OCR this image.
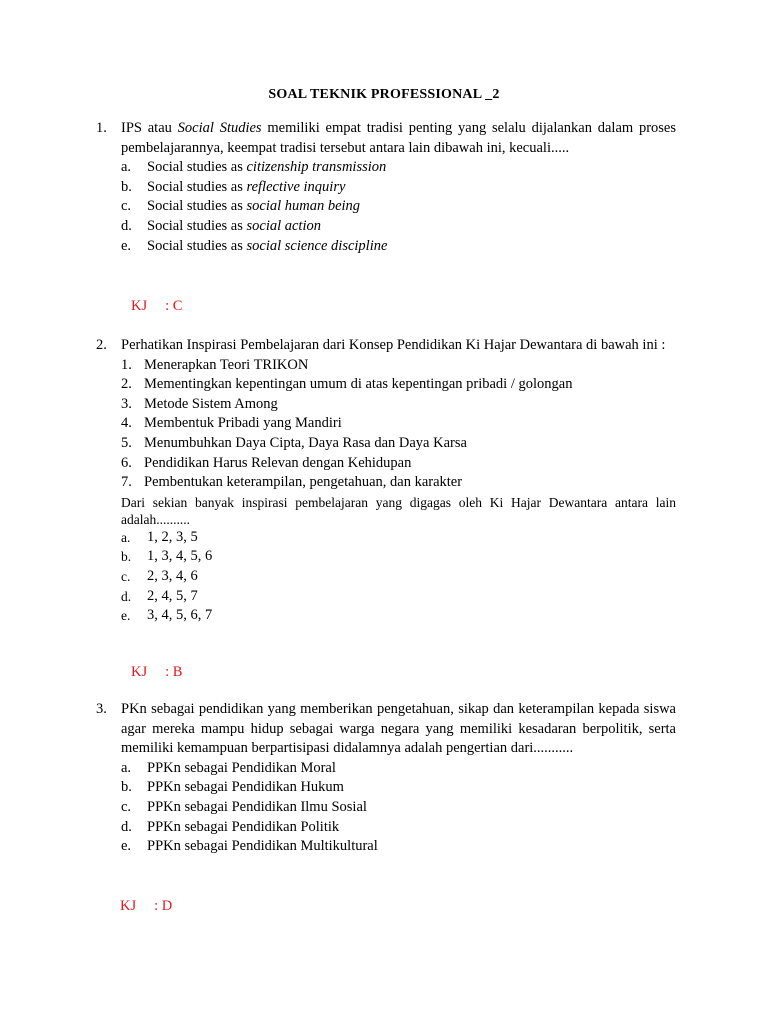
SOAL TEKNIK PROFESSIONAL _2
1. IPS atau Social Studies memiliki empat tradisi penting yang selalu dijalankan dalam proses pembelajarannya, keempat tradisi tersebut antara lain dibawah ini, kecuali.....
a. Social studies as citizenship transmission
b. Social studies as reflective inquiry
c. Social studies as social human being
d. Social studies as social action
e. Social studies as social science discipline
KJ : C
2. Perhatikan Inspirasi Pembelajaran dari Konsep Pendidikan Ki Hajar Dewantara di bawah ini :
1. Menerapkan Teori TRIKON
2. Mementingkan kepentingan umum di atas kepentingan pribadi / golongan
3. Metode Sistem Among
4. Membentuk Pribadi yang Mandiri
5. Menumbuhkan Daya Cipta, Daya Rasa dan Daya Karsa
6. Pendidikan Harus Relevan dengan Kehidupan
7. Pembentukan keterampilan, pengetahuan, dan karakter
Dari sekian banyak inspirasi pembelajaran yang digagas oleh Ki Hajar Dewantara antara lain adalah..........
a. 1, 2, 3, 5
b. 1, 3, 4, 5, 6
c. 2, 3, 4, 6
d. 2, 4, 5, 7
e. 3, 4, 5, 6, 7
KJ : B
3. PKn sebagai pendidikan yang memberikan pengetahuan, sikap dan keterampilan kepada siswa agar mereka mampu hidup sebagai warga negara yang memiliki kesadaran berpolitik, serta memiliki kemampuan berpartisipasi didalamnya adalah pengertian dari...........
a. PPKn sebagai Pendidikan Moral
b. PPKn sebagai Pendidikan Hukum
c. PPKn sebagai Pendidikan Ilmu Sosial
d. PPKn sebagai Pendidikan Politik
e. PPKn sebagai Pendidikan Multikultural
KJ : D
